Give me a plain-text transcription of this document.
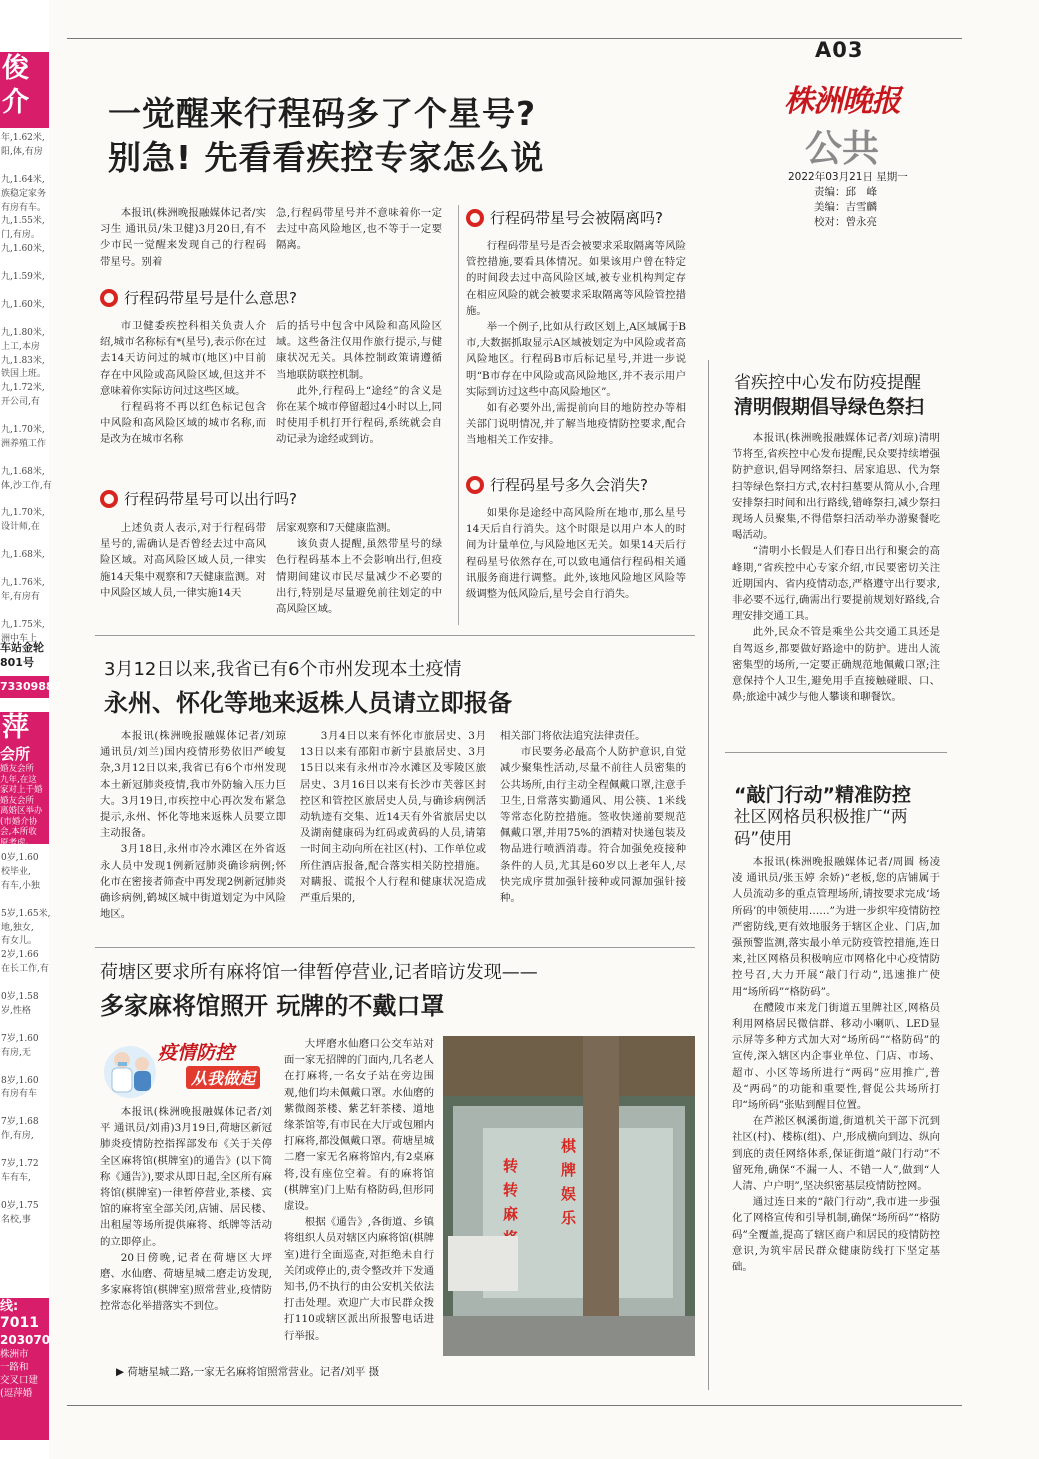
俊
介
年,1.62米,
阳,体,有房

九,1.64米,
族稳定家务
有房有车。
九,1.55米,
门,有房。
九,1.60米,

九,1.59米,

九,1.60米,

九,1.80米,
上工,本房
九,1.83米,
铁国上班。
九,1.72米,
开公司,有

九,1.70米,
洲养殖工作

九,1.68米,
体,沙工作,有

九,1.70米,
设计师,在

九,1.68米,

九,1.76米,
年,有房有

九,1.75米,
洲中车上
车站金轮
801号
73309882
萍
会所
婚友会所
九年,在这
家对上千婚
婚友会所
离婚区举办
(市婚介协
会,本所收
原考虑。
0岁,1.60
校毕业,
有车,小独

5岁,1.65米,
地,独女,
有女儿。
2岁,1.66
在长工作,有

0岁,1.58
岁,性格

7岁,1.60
有房,无

8岁,1.60
有房有车

7岁,1.68
作,有房,

7岁,1.72
车有车,

0岁,1.75
名校,事
线:
7011
203070
株洲市
一路和
交叉口建
(逗萍婚
A03
株洲晚报
公共
2022年03月21日 星期一
责编：邱　峰
美编：吉雪麟
校对：曾永亮
一觉醒来行程码多了个星号?
别急! 先看看疾控专家怎么说

本报讯(株洲晚报融媒体记者/实习生 通讯员/朱卫健)3月20日,有不少市民一觉醒来发现自己的行程码带星号。别着

急,行程码带星号并不意味着你一定去过中高风险地区,也不等于一定要隔离。

行程码带星号是什么意思?

市卫健委疾控科相关负责人介绍,城市名称标有*(星号),表示你在过去14天访问过的城市(地区)中目前存在中风险或高风险区域,但这并不意味着你实际访问过这些区域。

行程码将不再以红色标记包含中风险和高风险区域的城市名称,而是改为在城市名称

后的括号中包含中风险和高风险区域。这些备注仅用作旅行提示,与健康状况无关。具体控制政策请遵循当地联防联控机制。

此外,行程码上“途经”的含义是你在某个城市停留超过4小时以上,同时使用手机打开行程码,系统就会自动记录为途经或到访。

行程码带星号可以出行吗?

上述负责人表示,对于行程码带星号的,需确认是否曾经去过中高风险区域。对高风险区域人员,一律实施14天集中观察和7天健康监测。对中风险区域人员,一律实施14天

居家观察和7天健康监测。

该负责人提醒,虽然带星号的绿色行程码基本上不会影响出行,但疫情期间建议市民尽量减少不必要的出行,特别是尽量避免前往划定的中高风险区域。

行程码带星号会被隔离吗?

行程码带星号是否会被要求采取隔离等风险管控措施,要看具体情况。如果该用户曾在特定的时间段去过中高风险区域,被专业机构判定存在相应风险的就会被要求采取隔离等风险管控措施。

举一个例子,比如从行政区划上,A区域属于B市,大数据抓取显示A区域被划定为中风险或者高风险地区。行程码B市后标记星号,并进一步说明“B市存在中风险或高风险地区,并不表示用户实际到访过这些中高风险地区”。

如有必要外出,需提前向目的地防控办等相关部门说明情况,并了解当地疫情防控要求,配合当地相关工作安排。

行程码星号多久会消失?

如果你是途经中高风险所在地市,那么星号14天后自行消失。这个时限是以用户本人的时间为计量单位,与风险地区无关。如果14天后行程码星号依然存在,可以致电通信行程码相关通讯服务商进行调整。此外,该地风险地区风险等级调整为低风险后,星号会自行消失。

3月12日以来,我省已有6个市州发现本土疫情
永州、怀化等地来返株人员请立即报备

本报讯(株洲晚报融媒体记者/刘琼 通讯员/刘兰)国内疫情形势依旧严峻复杂,3月12日以来,我省已有6个市州发现本土新冠肺炎疫情,我市外防输入压力巨大。3月19日,市疾控中心再次发布紧急提示,永州、怀化等地来返株人员要立即主动报备。

3月18日,永州市冷水滩区在外省返永人员中发现1例新冠肺炎确诊病例;怀化市在密接者筛查中再发现2例新冠肺炎确诊病例,鹤城区城中街道划定为中风险地区。

3月4日以来有怀化市旅居史、3月13日以来有邵阳市新宁县旅居史、3月15日以来有永州市冷水滩区及零陵区旅居史、3月16日以来有长沙市芙蓉区封控区和管控区旅居史人员,与确诊病例活动轨迹有交集、近14天有外省旅居史以及湖南健康码为红码或黄码的人员,请第一时间主动向所在社区(村)、工作单位或所住酒店报备,配合落实相关防控措施。对瞒报、谎报个人行程和健康状况造成严重后果的,

相关部门将依法追究法律责任。

市民要务必最高个人防护意识,自觉减少聚集性活动,尽量不前往人员密集的公共场所,由行主动全程佩戴口罩,注意手卫生,日常落实勤通风、用公筷、1米线等常态化防控措施。签收快递前要规范佩戴口罩,并用75%的酒精对快递包装及物品进行喷洒消毒。符合加强免疫接种条件的人员,尤其是60岁以上老年人,尽快完成序贯加强针接种或同源加强针接种。

荷塘区要求所有麻将馆一律暂停营业,记者暗访发现——
多家麻将馆照开 玩牌的不戴口罩
疫情防控
从我做起

本报讯(株洲晚报融媒体记者/刘平 通讯员/刘甫)3月19日,荷塘区新冠肺炎疫情防控指挥部发布《关于关停全区麻将馆(棋牌室)的通告》(以下简称《通告》),要求从即日起,全区所有麻将馆(棋牌室)一律暂停营业,茶楼、宾馆的麻将室全部关闭,店铺、居民楼、出租屋等场所提供麻将、纸牌等活动的立即停止。

20日傍晚,记者在荷塘区大坪磨、水仙磨、荷塘星城二磨走访发现,多家麻将馆(棋牌室)照常营业,疫情防控常态化举措落实不到位。

大坪磨水仙磨口公交车站对面一家无招牌的门面内,几名老人在打麻将,一名女子站在旁边围观,他们均未佩戴口罩。水仙磨的紫微阁茶楼、紫艺轩茶楼、道地缘茶馆等,有市民在大厅或包厢内打麻将,都没佩戴口罩。荷塘星城二磨一家无名麻将馆内,有2桌麻将,没有座位空着。有的麻将馆(棋牌室)门上贴有格防码,但形同虚设。

根据《通告》,各街道、乡镇将组织人员对辖区内麻将馆(棋牌室)进行全面巡查,对拒绝未自行关闭或停止的,责令整改并下发通知书,仍不执行的由公安机关依法打击处理。欢迎广大市民群众拨打110或辖区派出所报警电话进行举报。

转 转 麻
棋 牌 娱 乐
▶ 荷塘星城二路,一家无名麻将馆照常营业。记者/刘平 摄
省疾控中心发布防疫提醒
清明假期倡导绿色祭扫

本报讯(株洲晚报融媒体记者/刘琼)清明节将至,省疾控中心发布提醒,民众要持续增强防护意识,倡导网络祭扫、居家追思、代为祭扫等绿色祭扫方式,农村扫墓要从简从小,合理安排祭扫时间和出行路线,错峰祭扫,减少祭扫现场人员聚集,不得借祭扫活动举办游聚餐吃喝活动。

“清明小长假是人们春日出行和聚会的高峰期,”省疾控中心专家介绍,市民要密切关注近期国内、省内疫情动态,严格遵守出行要求,非必要不远行,确需出行要提前规划好路线,合理安排交通工具。

此外,民众不管是乘坐公共交通工具还是自驾返乡,都要做好路途中的防护。进出人流密集型的场所,一定要正确规范地佩戴口罩;注意保持个人卫生,避免用手直接触碰眼、口、鼻;旅途中减少与他人攀谈和聊餐饮。

“敲门行动”精准防控
社区网格员积极推广“两码”使用

本报讯(株洲晚报融媒体记者/周圆 杨凌凌 通讯员/张玉婷 余娇)“老板,您的店铺属于人员流动多的重点管理场所,请按要求完成‘场所码’的申领使用……”为进一步织牢疫情防控严密防线,更有效地服务于辖区企业、门店,加强预警监测,落实最小单元防疫管控措施,连日来,社区网格员积极响应市网格化中心疫情防控号召,大力开展“敲门行动”,迅速推广使用“场所码”“格防码”。

在醴陵市来龙门街道五里牌社区,网格员利用网格居民微信群、移动小喇叭、LED显示屏等多种方式加大对“场所码”“格防码”的宣传,深入辖区内企事业单位、门店、市场、超市、小区等场所进行“两码”应用推广,普及“两码”的功能和重要性,督促公共场所打印“场所码”张贴到醒目位置。

在芦淞区枫溪街道,街道机关干部下沉到社区(村)、楼栋(组)、户,形成横向到边、纵向到底的责任网络体系,保证街道“敲门行动”不留死角,确保“不漏一人、不错一人”,做到“人人清、户户明”,坚决织密基层疫情防控网。

通过连日来的“敲门行动”,我市进一步强化了网格宣传和引导机制,确保“场所码”“格防码”全覆盖,提高了辖区商户和居民的疫情防控意识,为筑牢居民群众健康防线打下坚定基础。
